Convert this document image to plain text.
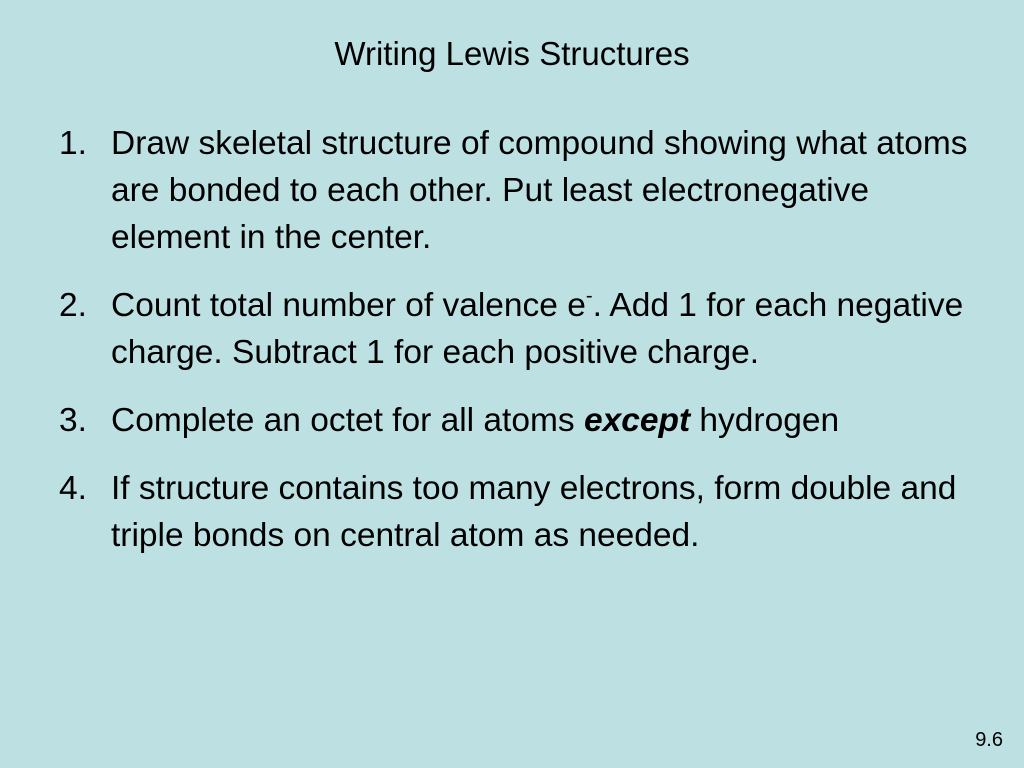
Writing Lewis Structures
1. Draw skeletal structure of compound showing what atoms are bonded to each other. Put least electronegative element in the center.
2. Count total number of valence e-. Add 1 for each negative charge. Subtract 1 for each positive charge.
3. Complete an octet for all atoms except hydrogen
4. If structure contains too many electrons, form double and triple bonds on central atom as needed.
9.6
